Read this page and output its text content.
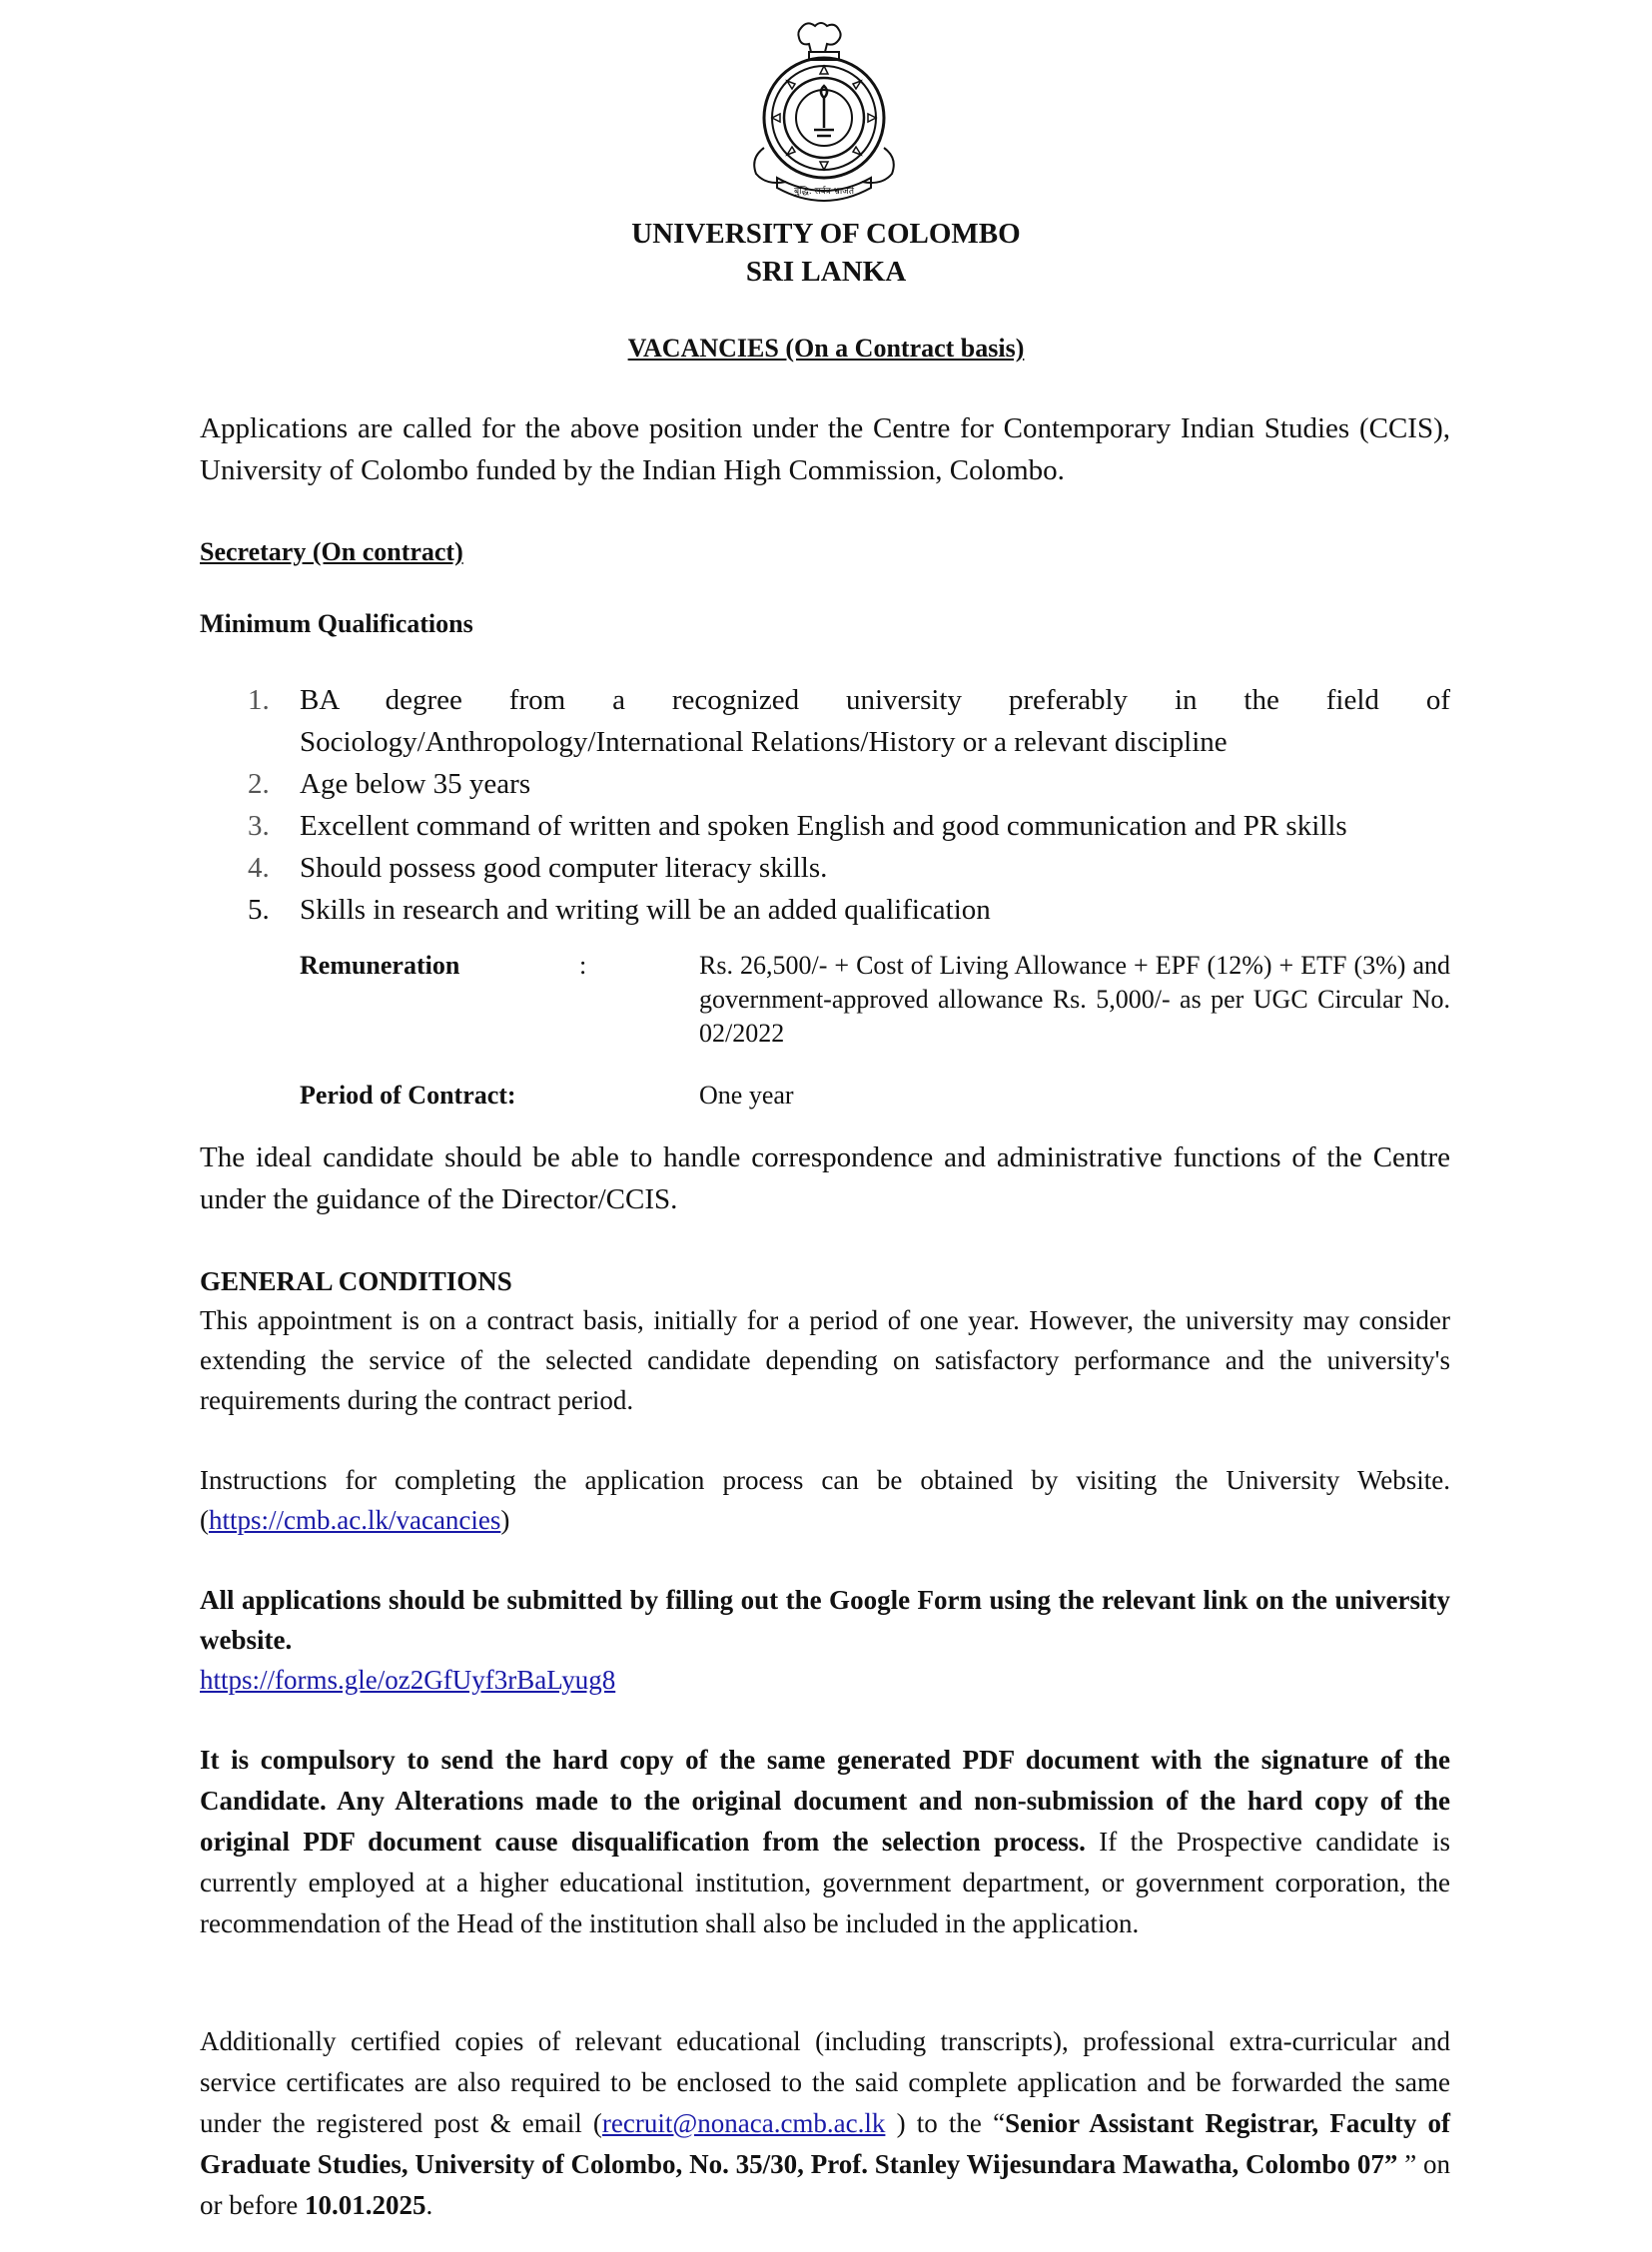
बुद्धि: सर्वत्र भ्राजते
UNIVERSITY OF COLOMBO
SRI LANKA
VACANCIES (On a Contract basis)
Applications are called for the above position under the Centre for Contemporary Indian Studies (CCIS), University of Colombo funded by the Indian High Commission, Colombo.
Secretary (On contract)
Minimum Qualifications
1. BA degree from a recognized university preferably in the field of
Sociology/Anthropology/International Relations/History or a relevant discipline
2. Age below 35 years
3. Excellent command of written and spoken English and good communication and PR skills
4. Should possess good computer literacy skills.
5. Skills in research and writing will be an added qualification
Remuneration	:	Rs. 26,500/- + Cost of Living Allowance + EPF (12%) + ETF (3%) and government-approved allowance Rs. 5,000/- as per UGC Circular No. 02/2022
Period of Contract:	One year
The ideal candidate should be able to handle correspondence and administrative functions of the Centre under the guidance of the Director/CCIS.
GENERAL CONDITIONS
This appointment is on a contract basis, initially for a period of one year. However, the university may consider extending the service of the selected candidate depending on satisfactory performance and the university's requirements during the contract period.
Instructions for completing the application process can be obtained by visiting the University Website. (https://cmb.ac.lk/vacancies)
All applications should be submitted by filling out the Google Form using the relevant link on the university website.
https://forms.gle/oz2GfUyf3rBaLyug8
It is compulsory to send the hard copy of the same generated PDF document with the signature of the Candidate. Any Alterations made to the original document and non-submission of the hard copy of the original PDF document cause disqualification from the selection process. If the Prospective candidate is currently employed at a higher educational institution, government department, or government corporation, the recommendation of the Head of the institution shall also be included in the application.
Additionally certified copies of relevant educational (including transcripts), professional extra-curricular and service certificates are also required to be enclosed to the said complete application and be forwarded the same under the registered post & email (recruit@nonaca.cmb.ac.lk ) to the “Senior Assistant Registrar, Faculty of Graduate Studies, University of Colombo, No. 35/30, Prof. Stanley Wijesundara Mawatha, Colombo 07” ” on or before 10.01.2025.
